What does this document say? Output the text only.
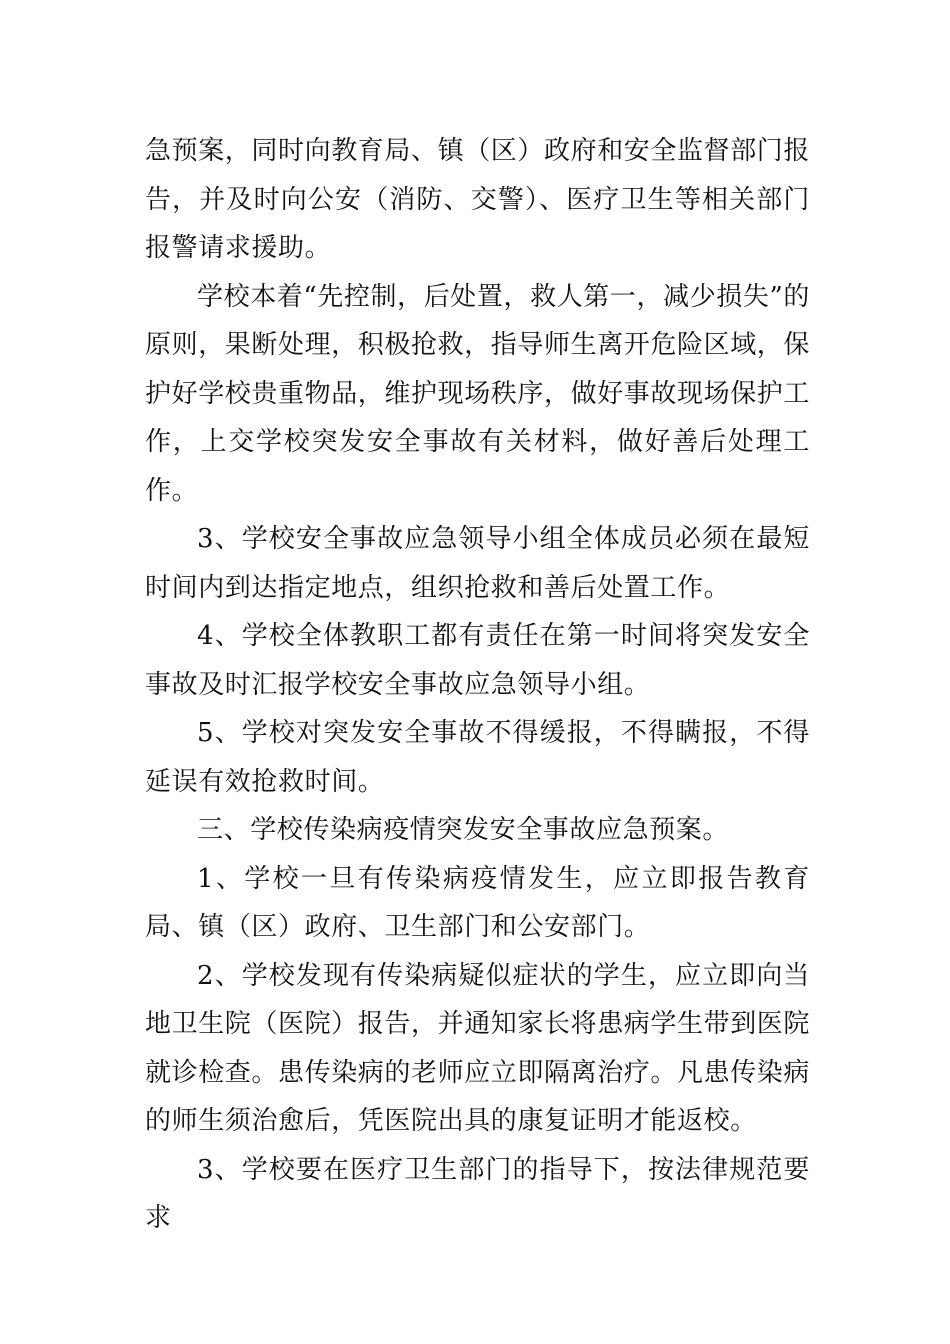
急预案，同时向教育局、镇（区）政府和安全监督部门报告，并及时向公安（消防、交警）、医疗卫生等相关部门报警请求援助。

学校本着“先控制，后处置，救人第一，减少损失”的原则，果断处理，积极抢救，指导师生离开危险区域，保护好学校贵重物品，维护现场秩序，做好事故现场保护工作，上交学校突发安全事故有关材料，做好善后处理工作。

3、学校安全事故应急领导小组全体成员必须在最短时间内到达指定地点，组织抢救和善后处置工作。

4、学校全体教职工都有责任在第一时间将突发安全事故及时汇报学校安全事故应急领导小组。

5、学校对突发安全事故不得缓报，不得瞒报，不得延误有效抢救时间。

三、学校传染病疫情突发安全事故应急预案。

1、学校一旦有传染病疫情发生，应立即报告教育局、镇（区）政府、卫生部门和公安部门。

2、学校发现有传染病疑似症状的学生，应立即向当地卫生院（医院）报告，并通知家长将患病学生带到医院就诊检查。患传染病的老师应立即隔离治疗。凡患传染病的师生须治愈后，凭医院出具的康复证明才能返校。

3、学校要在医疗卫生部门的指导下，按法律规范要求
